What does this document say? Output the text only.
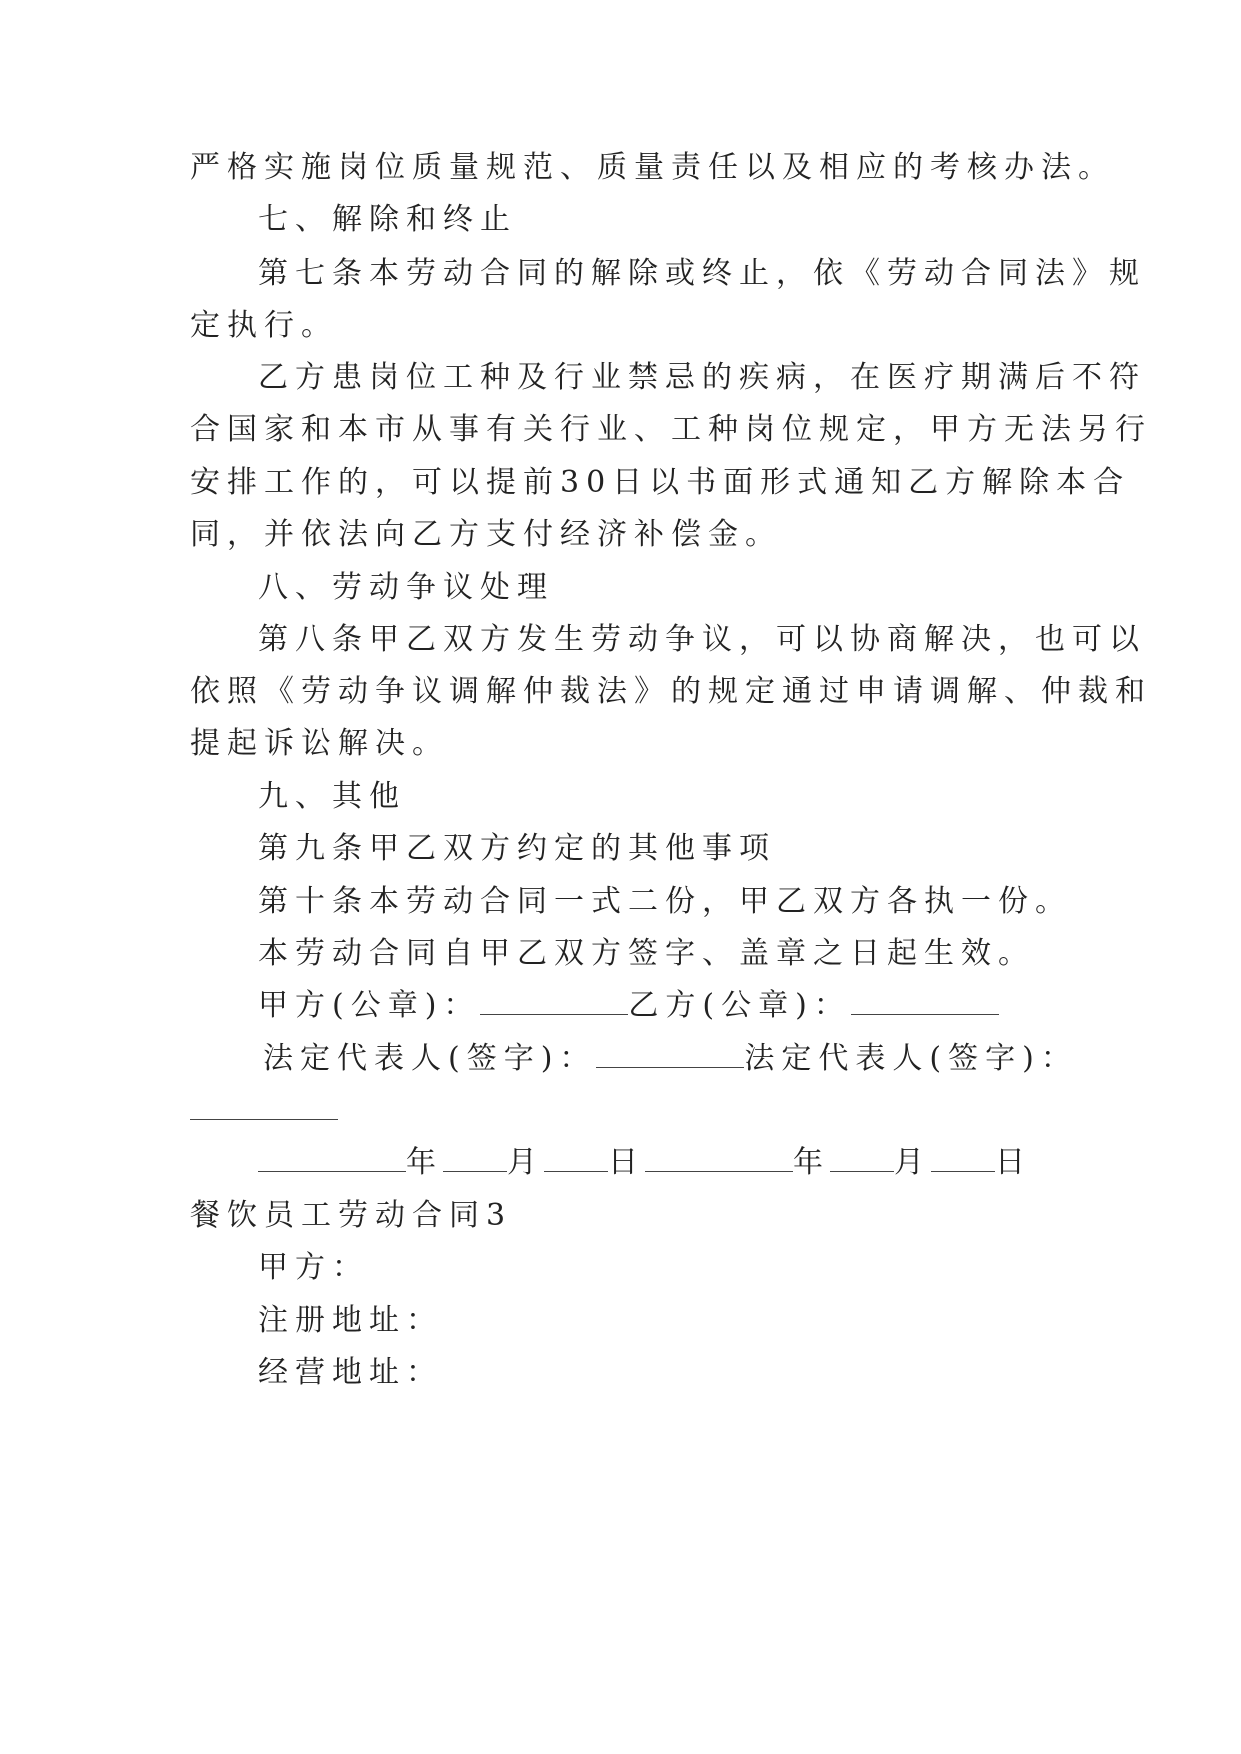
严格实施岗位质量规范、质量责任以及相应的考核办法。
七、解除和终止
第七条本劳动合同的解除或终止，依《劳动合同法》规
定执行。
乙方患岗位工种及行业禁忌的疾病，在医疗期满后不符
合国家和本市从事有关行业、工种岗位规定，甲方无法另行
安排工作的，可以提前30日以书面形式通知乙方解除本合
同，并依法向乙方支付经济补偿金。
八、劳动争议处理
第八条甲乙双方发生劳动争议，可以协商解决，也可以
依照《劳动争议调解仲裁法》的规定通过申请调解、仲裁和
提起诉讼解决。
九、其他
第九条甲乙双方约定的其他事项
第十条本劳动合同一式二份，甲乙双方各执一份。
本劳动合同自甲乙双方签字、盖章之日起生效。
甲方(公章)：	乙方(公章)：
法定代表人(签字)：	法定代表人(签字)：
年 月 日	年 月 日
餐饮员工劳动合同3
甲方：
注册地址：
经营地址：
